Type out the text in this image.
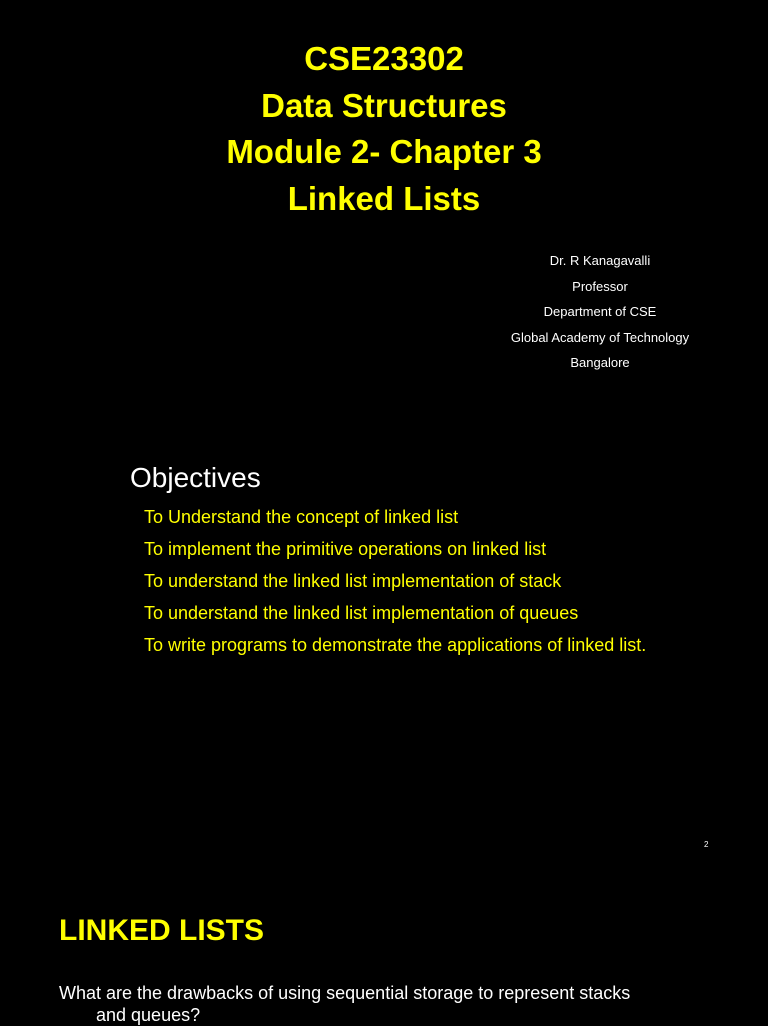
CSE23302
Data Structures
Module 2- Chapter 3
Linked Lists
Dr. R Kanagavalli
Professor
Department of CSE
Global Academy of Technology
Bangalore
Objectives
To Understand the concept of linked list
To implement the primitive operations on linked list
To understand the linked list implementation of stack
To understand the linked list implementation of queues
To write programs to demonstrate the applications of linked list.
2
LINKED LISTS
What are the drawbacks of using sequential storage to represent stacks
and queues?
